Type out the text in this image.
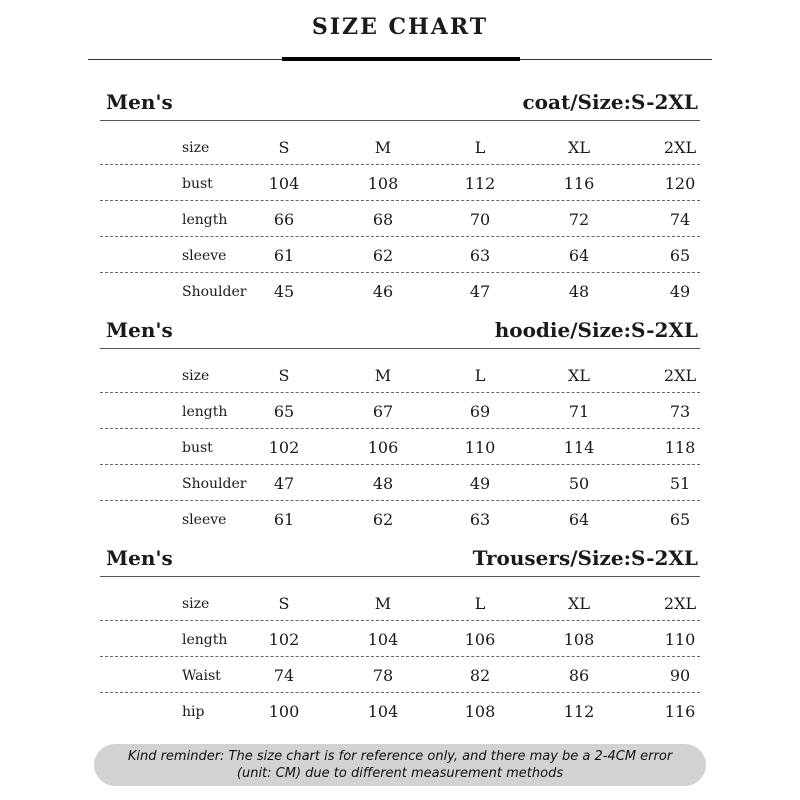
SIZE CHART
Men's	coat/Size:S-2XL
size	S	M	L	XL	2XL
bust	104	108	112	116	120
length	66	68	70	72	74
sleeve	61	62	63	64	65
Shoulder	45	46	47	48	49
Men's	hoodie/Size:S-2XL
size	S	M	L	XL	2XL
length	65	67	69	71	73
bust	102	106	110	114	118
Shoulder	47	48	49	50	51
sleeve	61	62	63	64	65
Men's	Trousers/Size:S-2XL
size	S	M	L	XL	2XL
length	102	104	106	108	110
Waist	74	78	82	86	90
hip	100	104	108	112	116
Kind reminder: The size chart is for reference only, and there may be a 2-4CM error
(unit: CM) due to different measurement methods
